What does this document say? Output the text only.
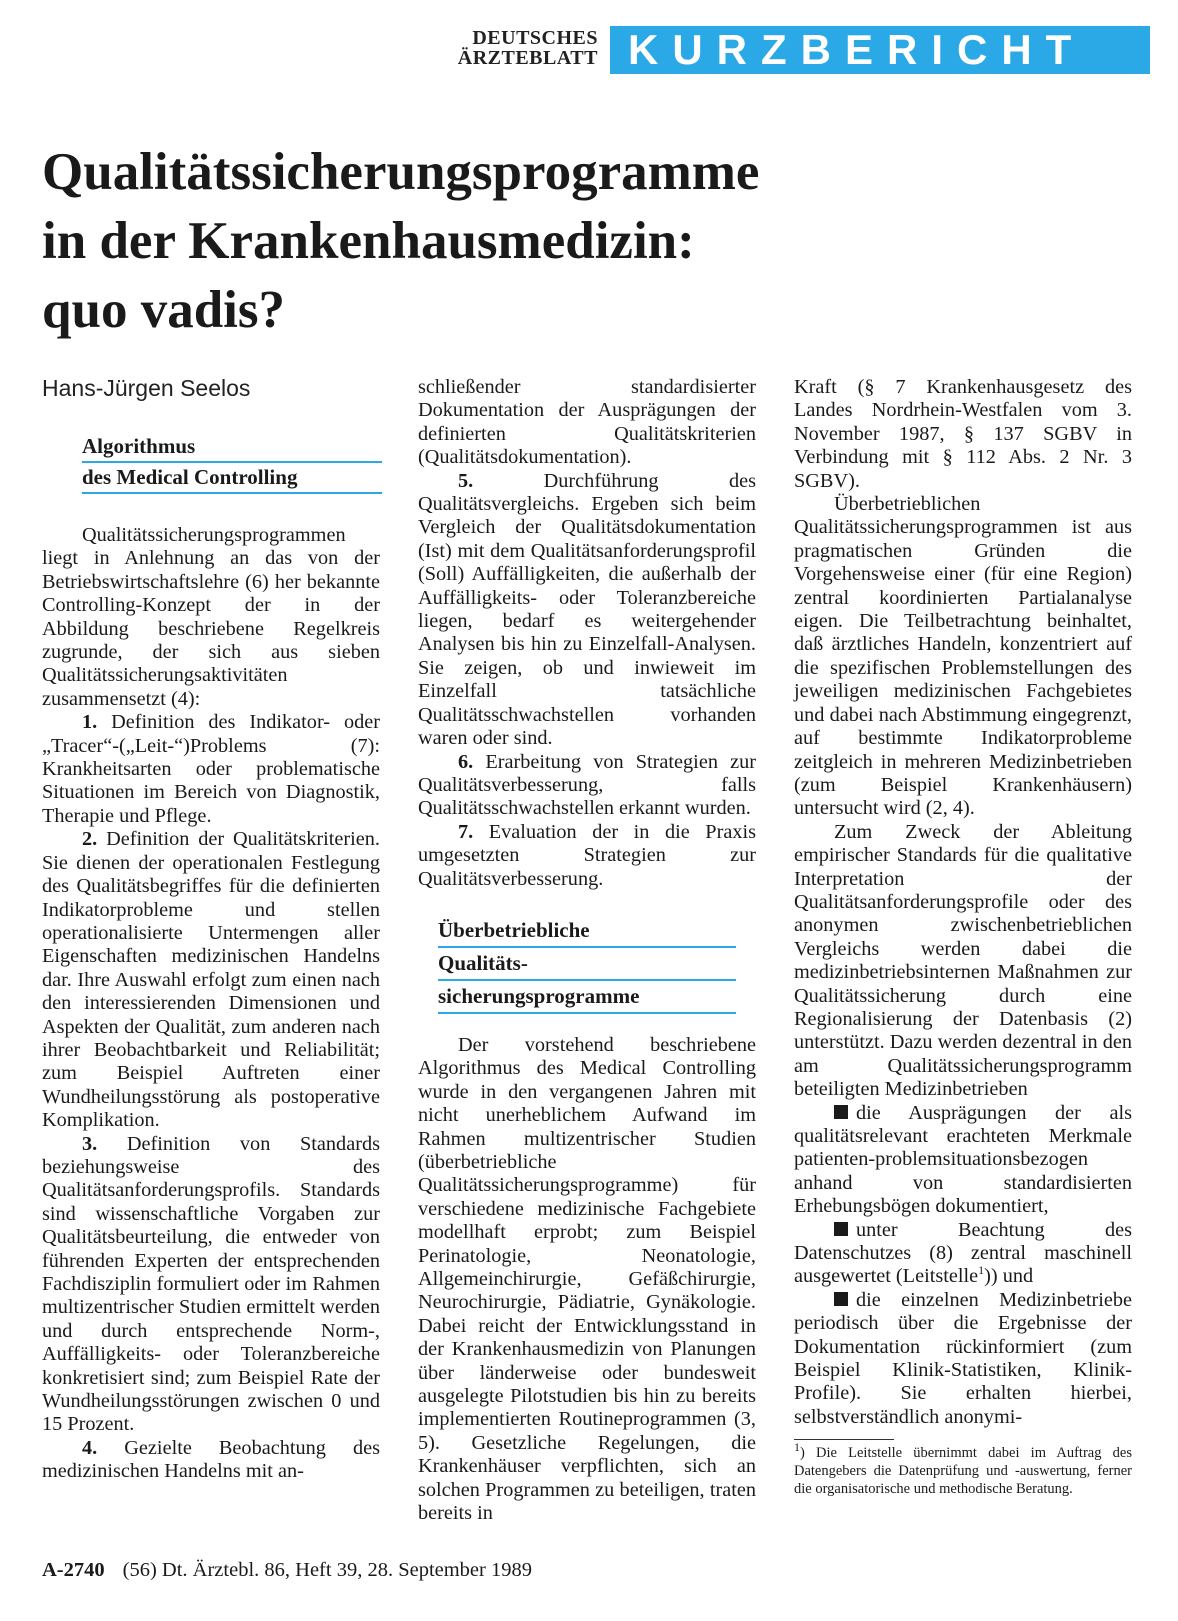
DEUTSCHES
ÄRZTEBLATT KURZBERICHT
Qualitätssicherungsprogramme
in der Krankenhausmedizin:
quo vadis?
Hans-Jürgen Seelos
Algorithmus
des Medical Controlling

Qualitätssicherungsprogrammen liegt in Anlehnung an das von der Betriebswirtschaftslehre (6) her bekannte Controlling-Konzept der in der Abbildung beschriebene Regelkreis zugrunde, der sich aus sieben Qualitätssicherungsaktivitäten zusammensetzt (4):

1. Definition des Indikator- oder „Tracer“-(„Leit-“)Problems (7): Krankheitsarten oder problematische Situationen im Bereich von Diagnostik, Therapie und Pflege.

2. Definition der Qualitätskriterien. Sie dienen der operationalen Festlegung des Qualitätsbegriffes für die definierten Indikatorprobleme und stellen operationalisierte Untermengen aller Eigenschaften medizinischen Handelns dar. Ihre Auswahl erfolgt zum einen nach den interessierenden Dimensionen und Aspekten der Qualität, zum anderen nach ihrer Beobachtbarkeit und Reliabilität; zum Beispiel Auftreten einer Wundheilungsstörung als postoperative Komplikation.

3. Definition von Standards beziehungsweise des Qualitätsanforderungsprofils. Standards sind wissenschaftliche Vorgaben zur Qualitätsbeurteilung, die entweder von führenden Experten der entsprechenden Fachdisziplin formuliert oder im Rahmen multizentrischer Studien ermittelt werden und durch entsprechende Norm-, Auffälligkeits- oder Toleranzbereiche konkretisiert sind; zum Beispiel Rate der Wundheilungsstörungen zwischen 0 und 15 Prozent.

4. Gezielte Beobachtung des medizinischen Handelns mit an-

schließender standardisierter Dokumentation der Ausprägungen der definierten Qualitätskriterien (Qualitätsdokumentation).

5.	Durchführung des Qualitätsvergleichs. Ergeben sich beim Vergleich der Qualitätsdokumentation (Ist) mit dem Qualitätsanforderungsprofil (Soll) Auffälligkeiten, die außerhalb der Auffälligkeits- oder Toleranzbereiche liegen, bedarf es weitergehender Analysen bis hin zu Einzelfall-Analysen. Sie zeigen, ob und inwieweit im Einzelfall tatsächliche Qualitätsschwachstellen vorhanden waren oder sind.

6. Erarbeitung von Strategien zur Qualitätsverbesserung, falls Qualitätsschwachstellen erkannt wurden.

7. Evaluation der in die Praxis umgesetzten Strategien zur Qualitätsverbesserung.

Überbetriebliche
Qualitäts-
sicherungsprogramme

Der vorstehend beschriebene Algorithmus des Medical Controlling wurde in den vergangenen Jahren mit nicht unerheblichem Aufwand im Rahmen multizentrischer Studien (überbetriebliche Qualitätssicherungsprogramme) für verschiedene medizinische Fachgebiete modellhaft erprobt; zum Beispiel Perinatologie, Neonatologie, Allgemeinchirurgie, Gefäßchirurgie, Neurochirurgie, Pädiatrie, Gynäkologie. Dabei reicht der Entwicklungsstand in der Krankenhausmedizin von Planungen über länderweise oder bundesweit ausgelegte Pilotstudien bis hin zu bereits implementierten Routineprogrammen (3, 5). Gesetzliche Regelungen, die Krankenhäuser verpflichten, sich an solchen Programmen zu beteiligen, traten bereits in

Kraft (§ 7 Krankenhausgesetz des Landes Nordrhein-Westfalen vom 3. November 1987, § 137 SGBV in Verbindung mit § 112 Abs. 2 Nr. 3 SGBV).

Überbetrieblichen Qualitätssicherungsprogrammen ist aus pragmatischen Gründen die Vorgehensweise einer (für eine Region) zentral koordinierten Partialanalyse eigen. Die Teilbetrachtung beinhaltet, daß ärztliches Handeln, konzentriert auf die spezifischen Problemstellungen des jeweiligen medizinischen Fachgebietes und dabei nach Abstimmung eingegrenzt, auf bestimmte Indikatorprobleme zeitgleich in mehreren Medizinbetrieben (zum Beispiel Krankenhäusern) untersucht wird (2, 4).

Zum Zweck der Ableitung empirischer Standards für die qualitative Interpretation der Qualitätsanforderungsprofile oder des anonymen zwischenbetrieblichen Vergleichs werden dabei die medizinbetriebsinternen Maßnahmen zur Qualitätssicherung durch eine Regionalisierung der Datenbasis (2) unterstützt. Dazu werden dezentral in den am Qualitätssicherungsprogramm beteiligten Medizinbetrieben

die Ausprägungen der als qualitätsrelevant erachteten Merkmale patienten-problemsituationsbezogen anhand von standardisierten Erhebungsbögen dokumentiert,

unter Beachtung des Datenschutzes (8) zentral maschinell ausgewertet (Leitstelle$^1$)) und

die einzelnen Medizinbetriebe periodisch über die Ergebnisse der Dokumentation rückinformiert (zum Beispiel Klinik-Statistiken, Klinik-Profile). Sie erhalten hierbei, selbstverständlich anonymi-

$^1$) Die Leitstelle übernimmt dabei im Auftrag des Datengebers die Datenprüfung und -auswertung, ferner die organisatorische und methodische Beratung.
A-2740 (56) Dt. Ärztebl. 86, Heft 39, 28. September 1989
